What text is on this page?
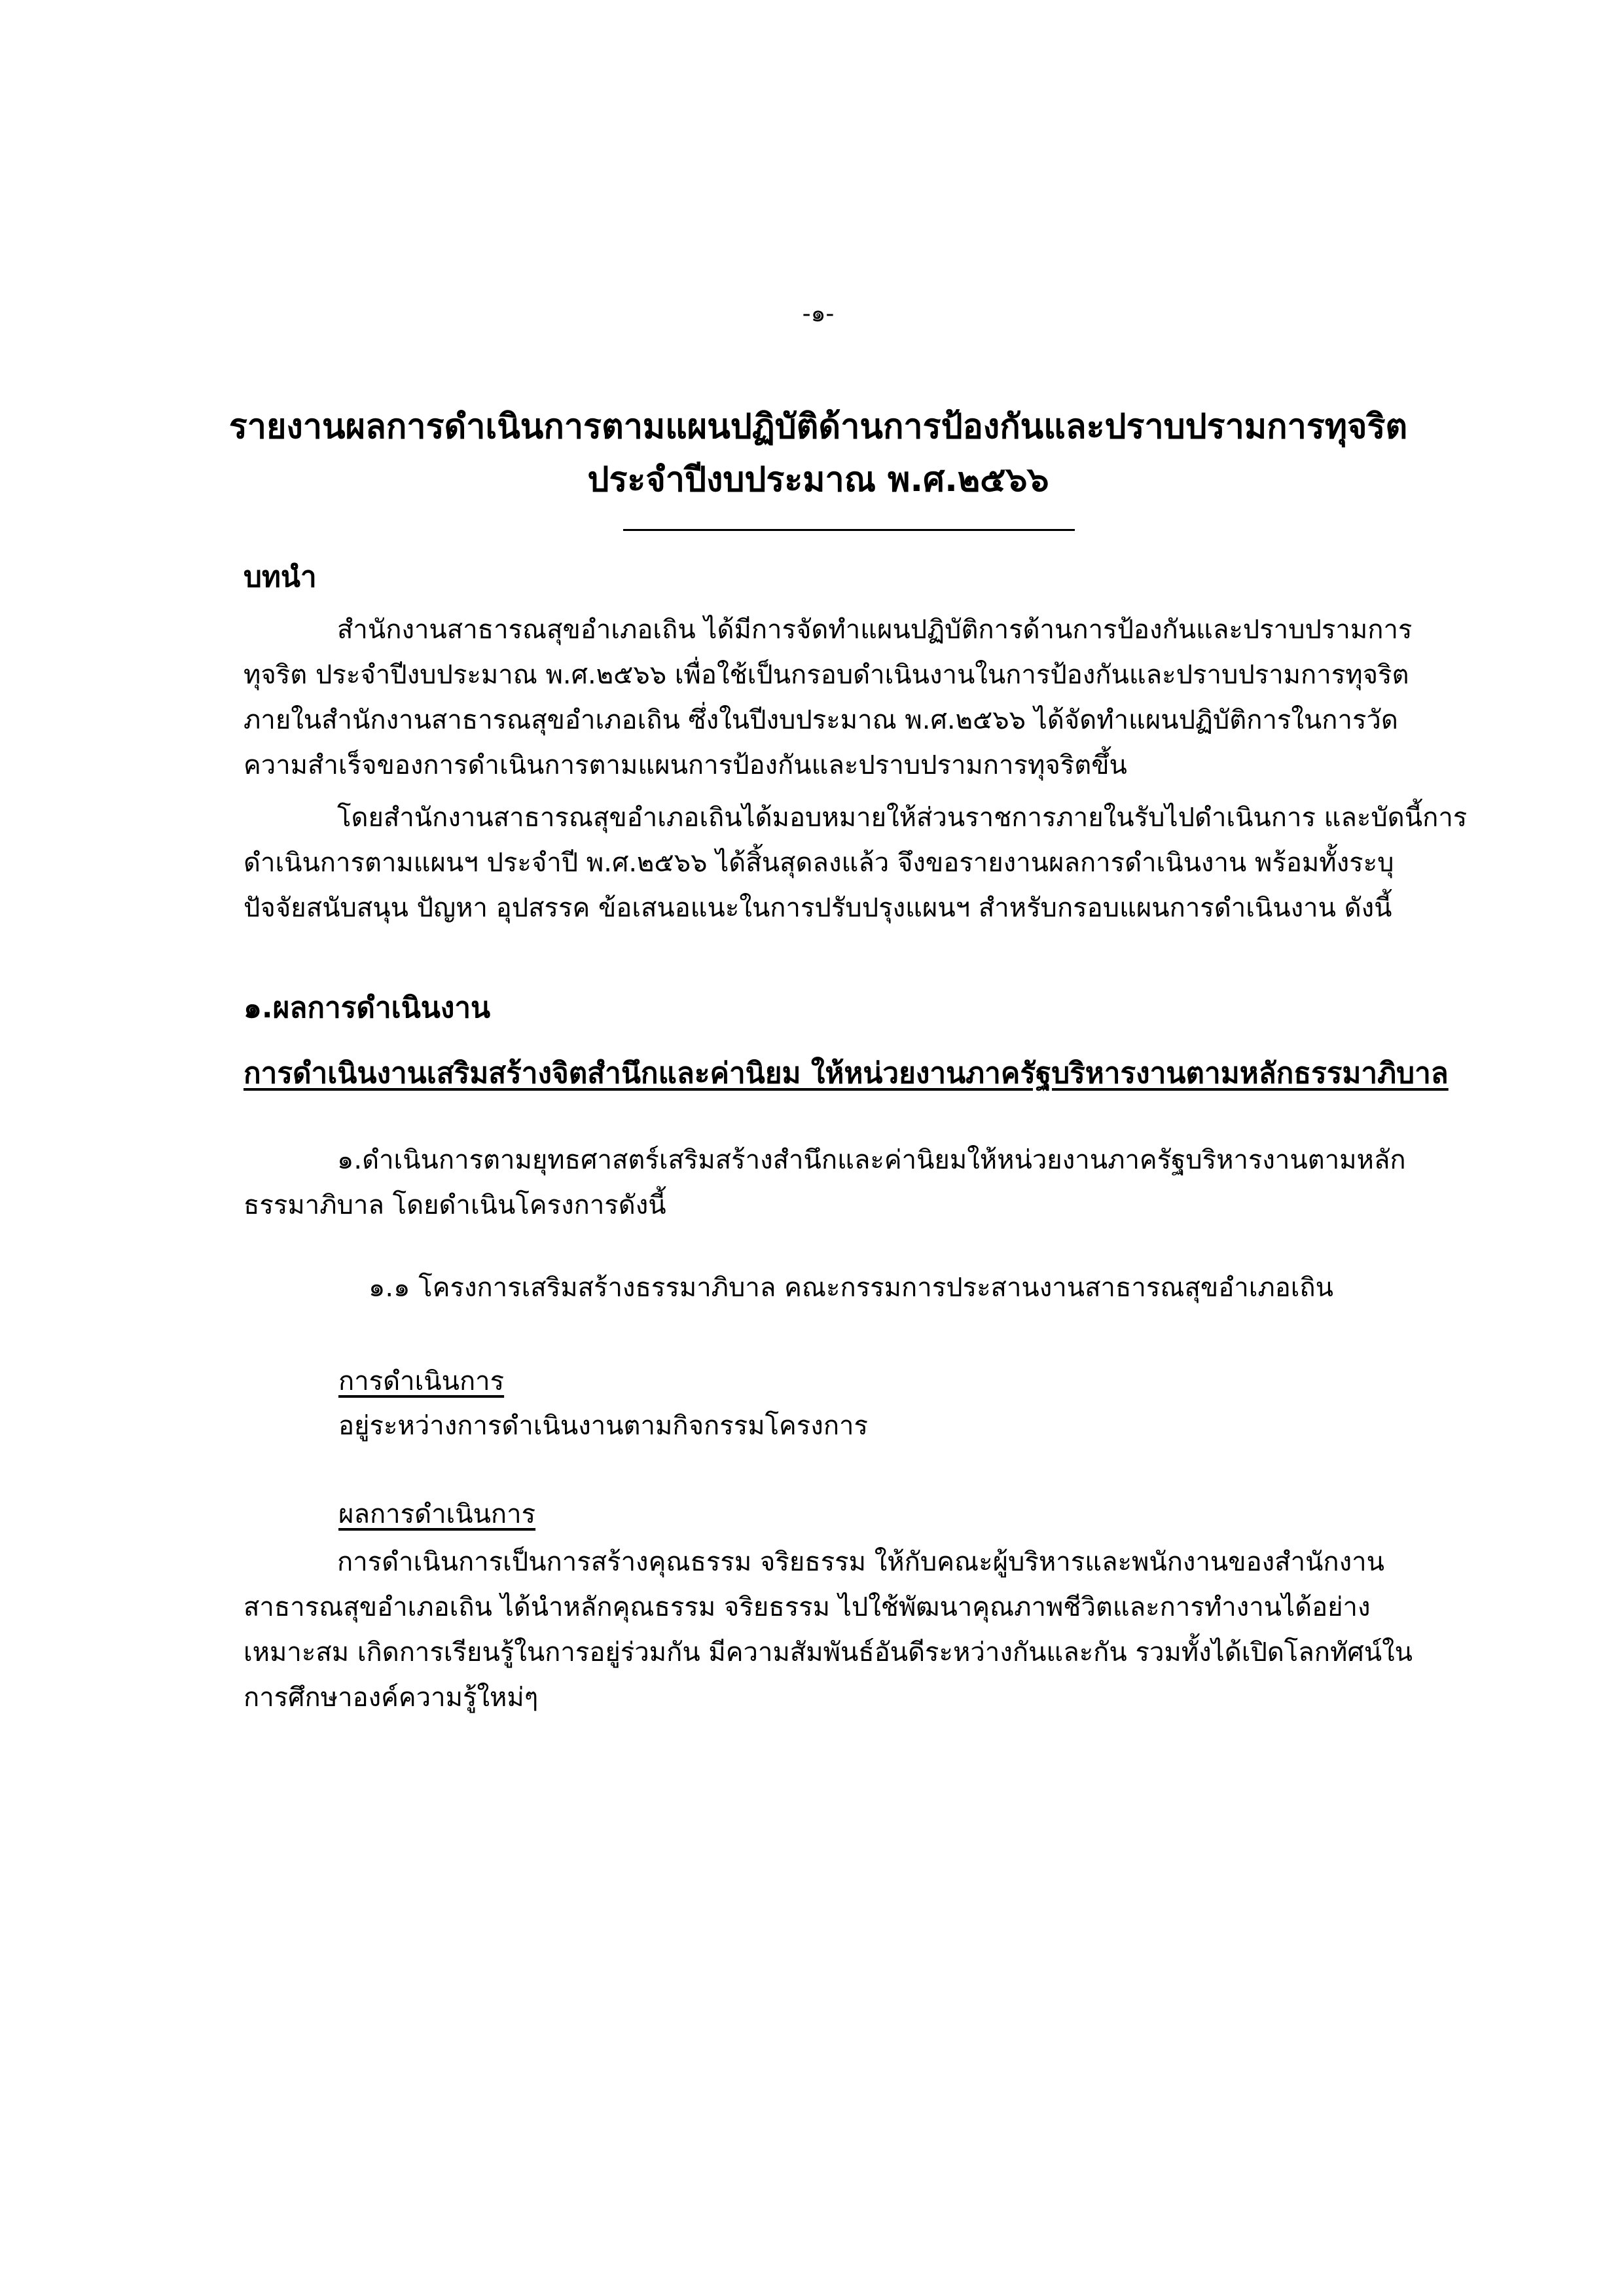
-๑-
รายงานผลการดำเนินการตามแผนปฏิบัติด้านการป้องกันและปราบปรามการทุจริต
ประจำปีงบประมาณ พ.ศ.๒๕๖๖
บทนำ
สำนักงานสาธารณสุขอำเภอเถิน ได้มีการจัดทำแผนปฏิบัติการด้านการป้องกันและปราบปรามการ
ทุจริต ประจำปีงบประมาณ พ.ศ.๒๕๖๖ เพื่อใช้เป็นกรอบดำเนินงานในการป้องกันและปราบปรามการทุจริต
ภายในสำนักงานสาธารณสุขอำเภอเถิน ซึ่งในปีงบประมาณ พ.ศ.๒๕๖๖ ได้จัดทำแผนปฏิบัติการในการวัด
ความสำเร็จของการดำเนินการตามแผนการป้องกันและปราบปรามการทุจริตขึ้น
โดยสำนักงานสาธารณสุขอำเภอเถินได้มอบหมายให้ส่วนราชการภายในรับไปดำเนินการ และบัดนี้การ
ดำเนินการตามแผนฯ ประจำปี พ.ศ.๒๕๖๖ ได้สิ้นสุดลงแล้ว จึงขอรายงานผลการดำเนินงาน พร้อมทั้งระบุ
ปัจจัยสนับสนุน ปัญหา อุปสรรค ข้อเสนอแนะในการปรับปรุงแผนฯ สำหรับกรอบแผนการดำเนินงาน ดังนี้
๑.ผลการดำเนินงาน
การดำเนินงานเสริมสร้างจิตสำนึกและค่านิยม ให้หน่วยงานภาครัฐบริหารงานตามหลักธรรมาภิบาล
๑.ดำเนินการตามยุทธศาสตร์เสริมสร้างสำนึกและค่านิยมให้หน่วยงานภาครัฐบริหารงานตามหลัก
ธรรมาภิบาล โดยดำเนินโครงการดังนี้
๑.๑ โครงการเสริมสร้างธรรมาภิบาล คณะกรรมการประสานงานสาธารณสุขอำเภอเถิน
การดำเนินการ
อยู่ระหว่างการดำเนินงานตามกิจกรรมโครงการ
ผลการดำเนินการ
การดำเนินการเป็นการสร้างคุณธรรม จริยธรรม ให้กับคณะผู้บริหารและพนักงานของสำนักงาน
สาธารณสุขอำเภอเถิน ได้นำหลักคุณธรรม จริยธรรม ไปใช้พัฒนาคุณภาพชีวิตและการทำงานได้อย่าง
เหมาะสม เกิดการเรียนรู้ในการอยู่ร่วมกัน มีความสัมพันธ์อันดีระหว่างกันและกัน รวมทั้งได้เปิดโลกทัศน์ใน
การศึกษาองค์ความรู้ใหม่ๆ
